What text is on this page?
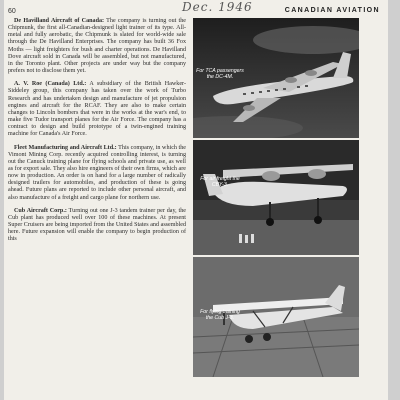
60	Dec. 1946	CANADIAN AVIATION

De Havilland Aircraft of Canada: The company is turning out the Chipmunk, the first all-Canadian-designed light trainer of its type. All-metal and fully aerobatic, the Chipmunk is slated for world-wide sale through the De Havilland Enterprises. The company has built 36 Fox Moths — light freighters for bush and charter operations. De Havilland Dove aircraft sold in Canada will be assembled, but not manufactured, in the Toronto plant. Other projects are under way but the company prefers not to disclose them yet.

A. V. Roe (Canada) Ltd.: A subsidiary of the British Hawker-Siddeley group, this company has taken over the work of Turbo Research and has undertaken design and manufacture of jet propulsion engines and aircraft for the RCAF. They are also to make certain changes to Lincoln bombers that were in the works at the war's end, to make five Tudor transport planes for the Air Force. The company has a contract to design and build prototype of a twin-engined training machine for Canada's Air Force.

Fleet Manufacturing and Aircraft Ltd.: This company, in which the Vimont Mining Corp. recently acquired controlling interest, is turning out the Canuck training plane for flying schools and private use, as well as for export sale. They also hire engineers of their own firms, which are now in production. An order is on hand for a large number of radically designed trailers for automobiles, and production of these is going ahead. Future plans are reported to include other personal aircraft, and also manufacture of a freight and cargo plane for northern use.

Cub Aircraft Corp.: Turning out one J-3 tandem trainer per day, the Cub plant has produced well over 100 of these machines. At present Super Cruisers are being imported from the United States and assembled here. Future expansion will enable the company to begin production of this

For TCA passengers the DC-4M.
For air freight the CBY-3.
For flying training the Cub J-3.
